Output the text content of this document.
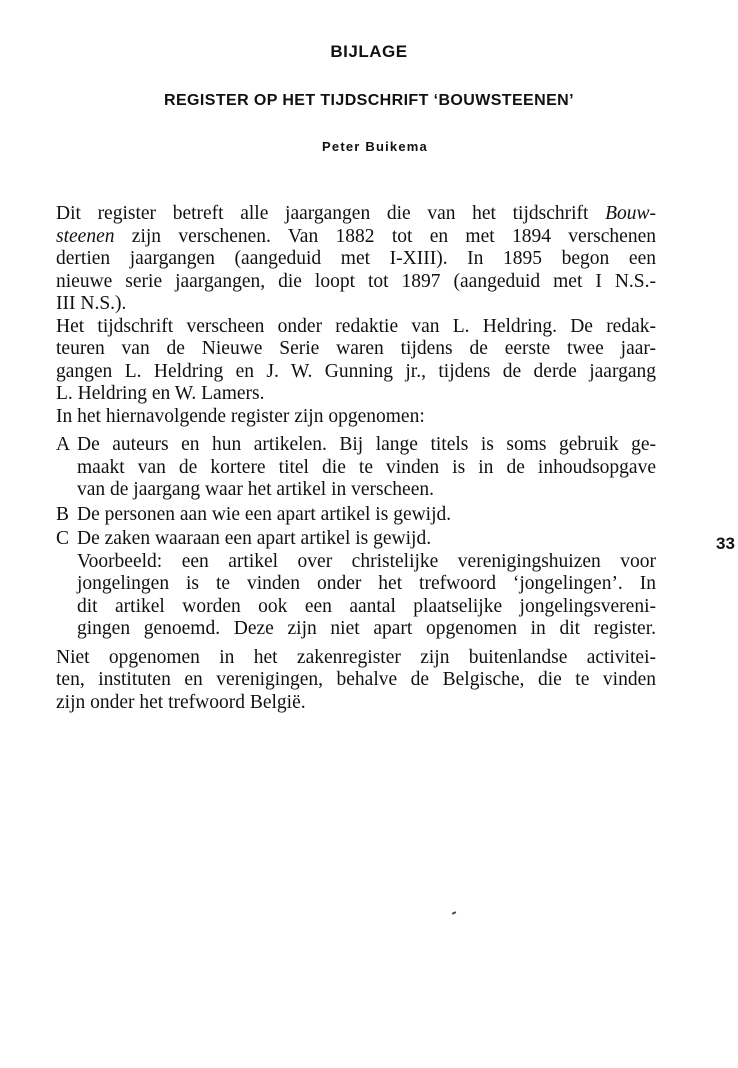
BIJLAGE
REGISTER OP HET TIJDSCHRIFT ‘BOUWSTEENEN’
Peter Buikema
Dit register betreft alle jaargangen die van het tijdschrift Bouw-
steenen zijn verschenen. Van 1882 tot en met 1894 verschenen
dertien jaargangen (aangeduid met I-XIII). In 1895 begon een
nieuwe serie jaargangen, die loopt tot 1897 (aangeduid met I N.S.-
III N.S.).
Het tijdschrift verscheen onder redaktie van L. Heldring. De redak-
teuren van de Nieuwe Serie waren tijdens de eerste twee jaar-
gangen L. Heldring en J. W. Gunning jr., tijdens de derde jaargang
L. Heldring en W. Lamers.
In het hiernavolgende register zijn opgenomen:
A De auteurs en hun artikelen. Bij lange titels is soms gebruik ge-
maakt van de kortere titel die te vinden is in de inhoudsopgave
van de jaargang waar het artikel in verscheen.
B De personen aan wie een apart artikel is gewijd.
C De zaken waaraan een apart artikel is gewijd.
Voorbeeld: een artikel over christelijke verenigingshuizen voor
jongelingen is te vinden onder het trefwoord ‘jongelingen’. In
dit artikel worden ook een aantal plaatselijke jongelingsvereni-
gingen genoemd. Deze zijn niet apart opgenomen in dit register.
Niet opgenomen in het zakenregister zijn buitenlandse activitei-
ten, instituten en verenigingen, behalve de Belgische, die te vinden
zijn onder het trefwoord België.
33
